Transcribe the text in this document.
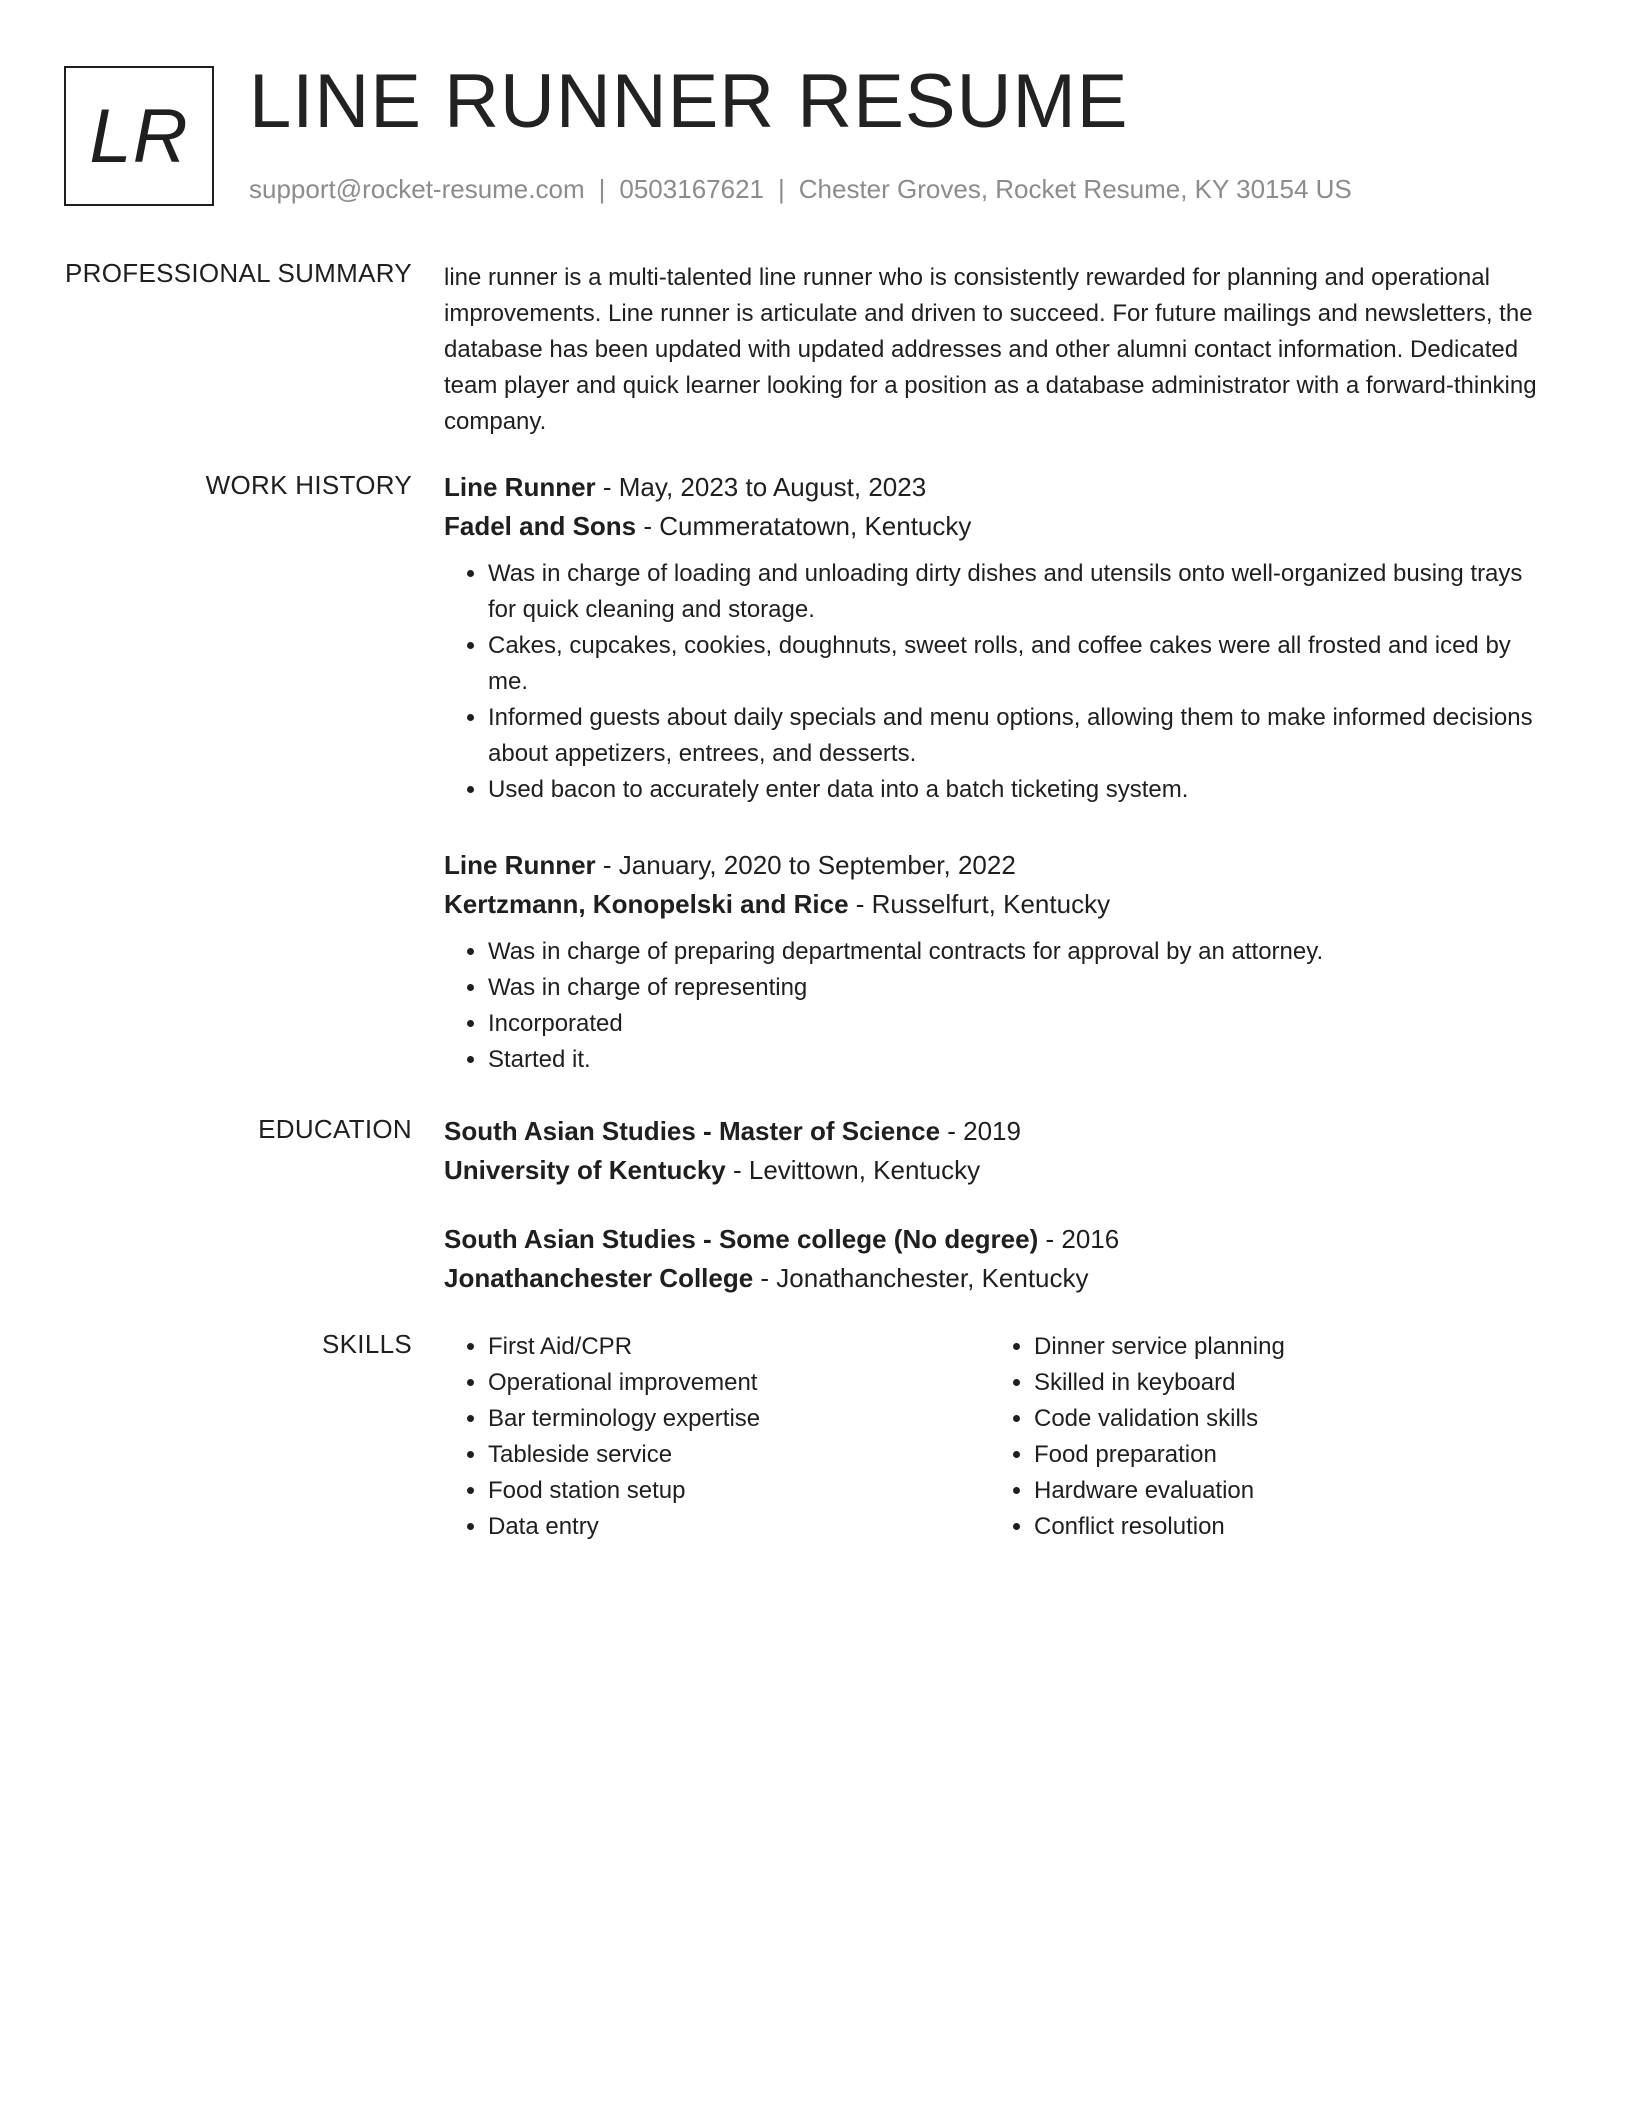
LR LINE RUNNER RESUME
support@rocket-resume.com | 0503167621 | Chester Groves, Rocket Resume, KY 30154 US
PROFESSIONAL SUMMARY line runner is a multi-talented line runner who is consistently rewarded for planning and operational improvements. Line runner is articulate and driven to succeed. For future mailings and newsletters, the database has been updated with updated addresses and other alumni contact information. Dedicated team player and quick learner looking for a position as a database administrator with a forward-thinking company.

WORK HISTORY Line Runner - May, 2023 to August, 2023
Fadel and Sons - Cummeratatown, Kentucky
• Was in charge of loading and unloading dirty dishes and utensils onto well-organized busing trays for quick cleaning and storage.
• Cakes, cupcakes, cookies, doughnuts, sweet rolls, and coffee cakes were all frosted and iced by me.
• Informed guests about daily specials and menu options, allowing them to make informed decisions about appetizers, entrees, and desserts.
• Used bacon to accurately enter data into a batch ticketing system.
Line Runner - January, 2020 to September, 2022
Kertzmann, Konopelski and Rice - Russelfurt, Kentucky
• Was in charge of preparing departmental contracts for approval by an attorney.
• Was in charge of representing
• Incorporated
• Started it.
EDUCATION South Asian Studies - Master of Science - 2019
University of Kentucky - Levittown, Kentucky
South Asian Studies - Some college (No degree) - 2016
Jonathanchester College - Jonathanchester, Kentucky
SKILLS
•	First Aid/CPR
• Operational improvement
• Bar terminology expertise
• Tableside service
• Food station setup
• Data entry
• Dinner service planning
• Skilled in keyboard
• Code validation skills
• Food preparation
• Hardware evaluation
• Conflict resolution
